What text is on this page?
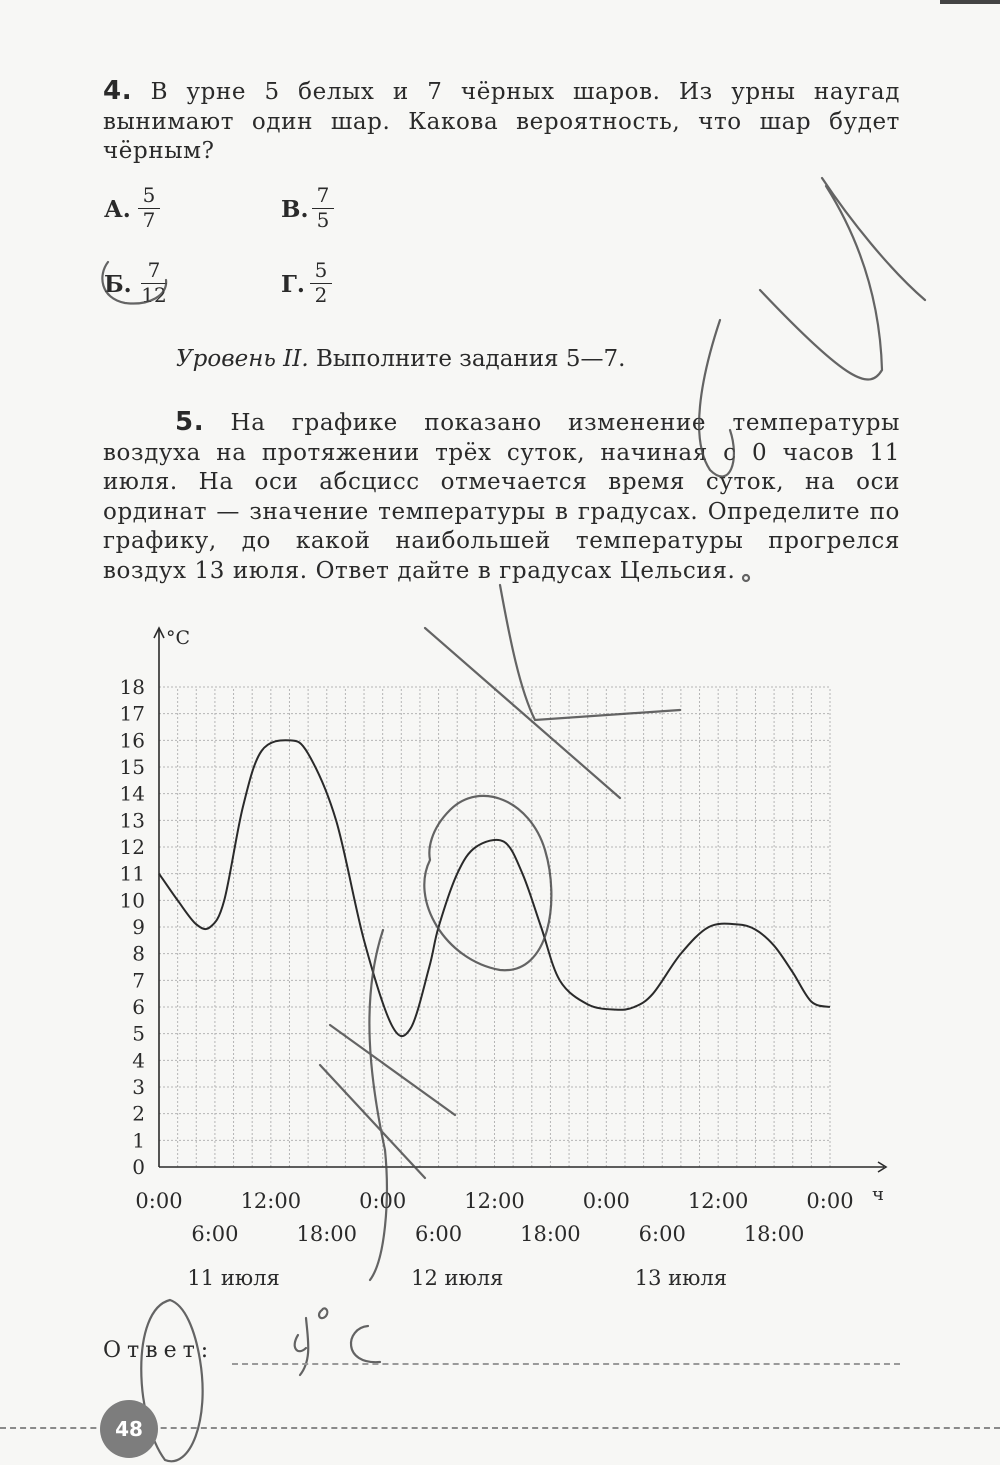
4. В урне 5 белых и 7 чёрных шаров. Из урны наугад вынимают один шар. Какова вероятность, что шар будет чёрным?
А.
5
7	В.
7
5
Б.
7
12	Г.
5
2
Уровень II. Выполните задания 5—7.
5. На графике показано изменение температуры воздуха на протяжении трёх суток, начиная с 0 часов 11 июля. На оси абсцисс отмечается время суток, на оси ординат — значение температуры в градусах. Определите по графику, до какой наибольшей температуры прогрелся воздух 13 июля. Ответ дайте в градусах Цельсия.
0
1
2
3
4
5
6
7
8
9
10
11
12
13
14
15
16
17
18
0:00	12:00	0:00	12:00	0:00	12:00	0:00
6:00	18:00	6:00	18:00	6:00	18:00
11 июля	12 июля	13 июля
°C
ч
Ответ:
48
